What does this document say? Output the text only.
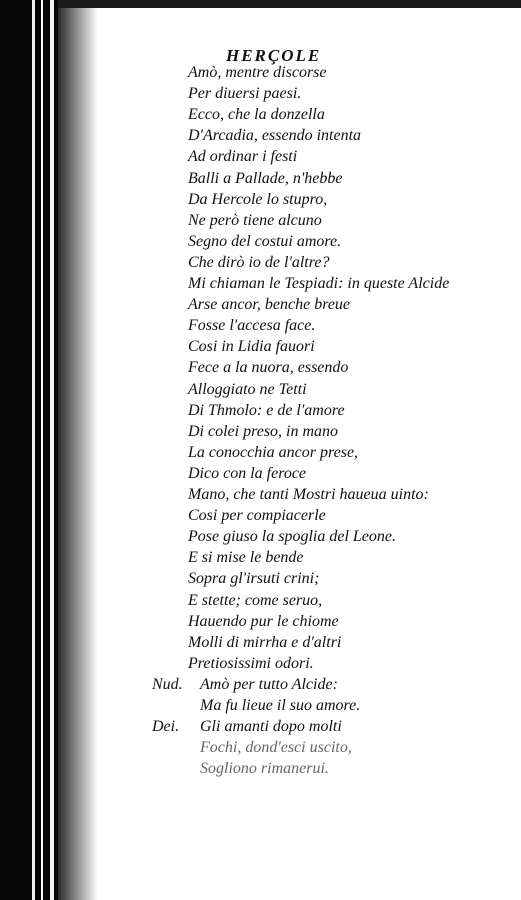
HERÇOLE
Amò, mentre discorse
Per diuersi paesi.
Ecco, che la donzella
D'Arcadia, essendo intenta
Ad ordinar i festi
Balli a Pallade, n'hebbe
Da Hercole lo stupro,
Ne però tiene alcuno
Segno del costui amore.
Che dirò io de l'altre?
Mi chiaman le Tespiadi: in queste Alcide
Arse ancor, benche breue
Fosse l'accesa face.
Cosi in Lidia fauori
Fece a la nuora, essendo
Alloggiato ne Tetti
Di Thmolo: e de l'amore
Di colei preso, in mano
La conocchia ancor prese,
Dico con la feroce
Mano, che tanti Mostri haueua uinto:
Cosi per compiacerle
Pose giuso la spoglia del Leone.
E si mise le bende
Sopra gl'irsuti crini;
E stette; come seruo,
Hauendo pur le chiome
Molli di mirrha e d'altri
Pretiosissimi odori.
Nud. Amò per tutto Alcide:
Ma fu lieue il suo amore.
Dei. Gli amanti dopo molti
Fochi, dond'esci uscito,
Sogliono rimanerui.
